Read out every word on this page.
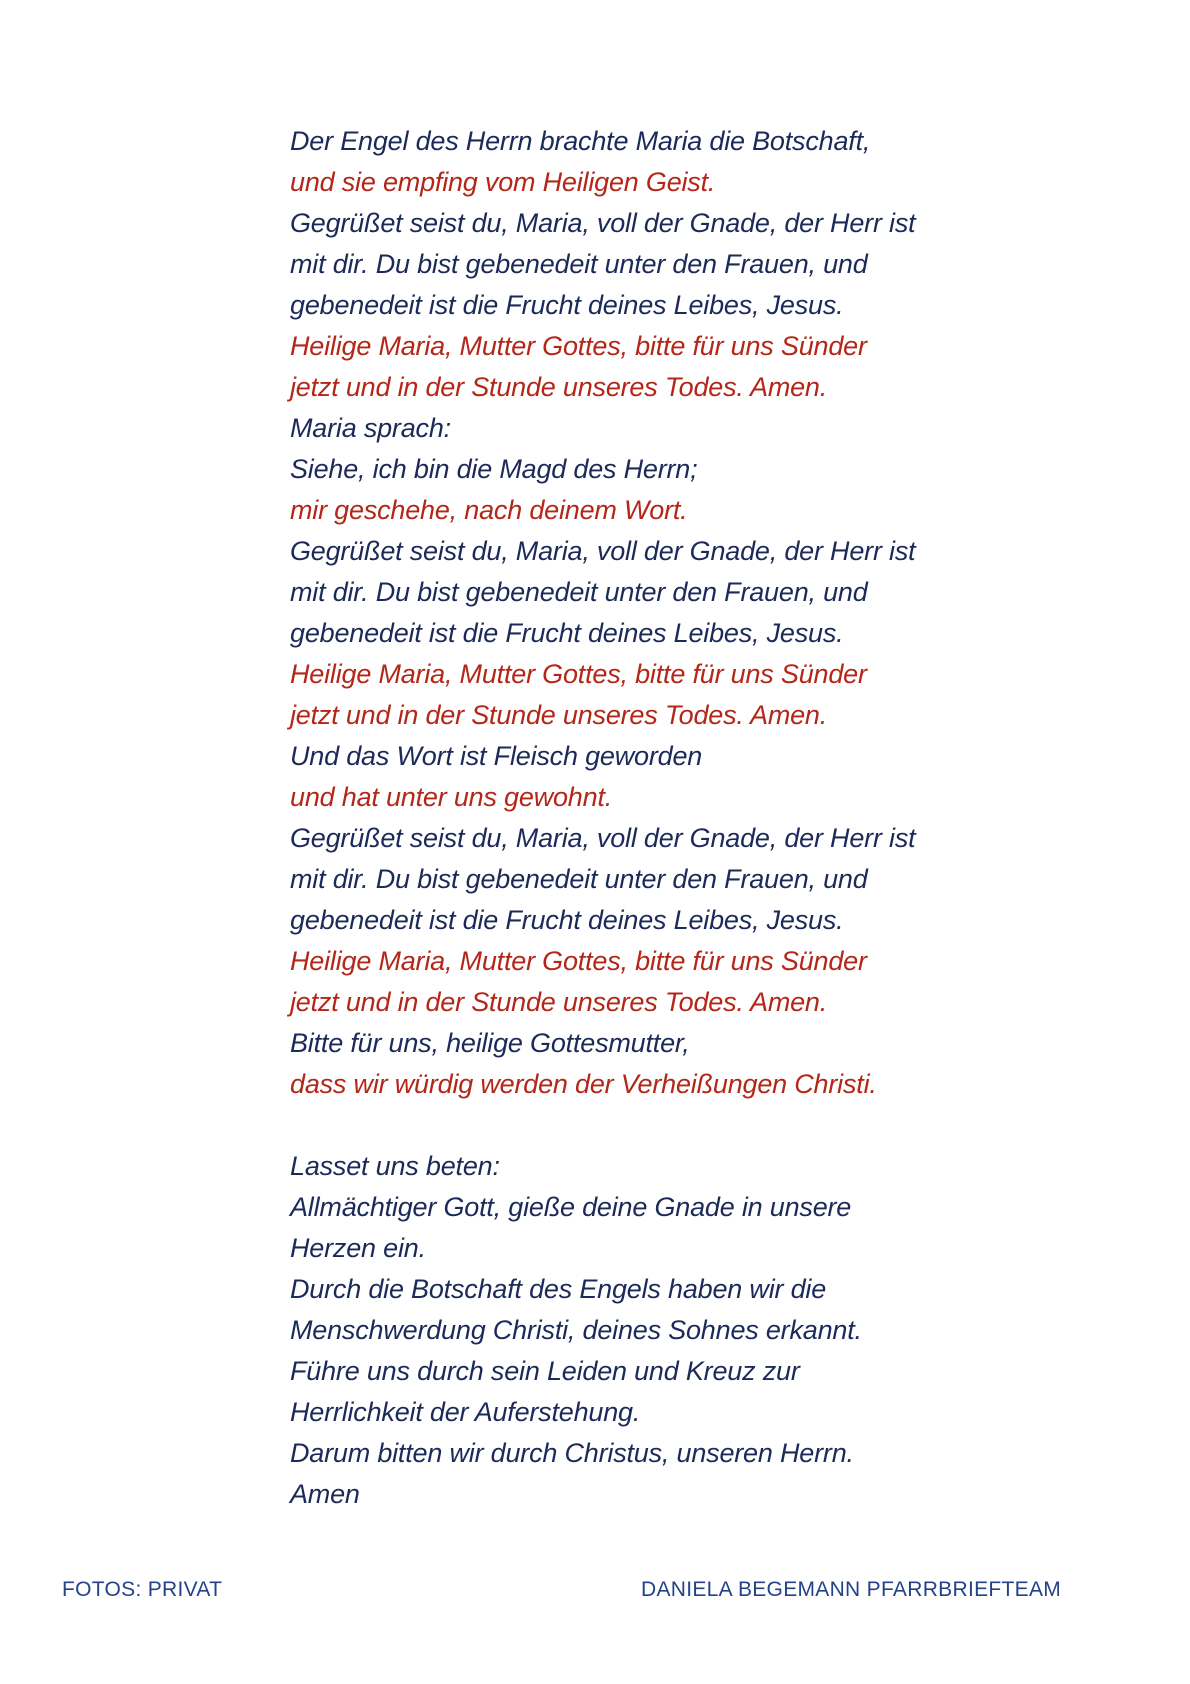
Der Engel des Herrn brachte Maria die Botschaft,
und sie empfing vom Heiligen Geist.
Gegrüßet seist du, Maria, voll der Gnade, der Herr ist
mit dir. Du bist gebenedeit unter den Frauen, und
gebenedeit ist die Frucht deines Leibes, Jesus.
Heilige Maria, Mutter Gottes, bitte für uns Sünder
jetzt und in der Stunde unseres Todes. Amen.
Maria sprach:
Siehe, ich bin die Magd des Herrn;
mir geschehe, nach deinem Wort.
Gegrüßet seist du, Maria, voll der Gnade, der Herr ist
mit dir. Du bist gebenedeit unter den Frauen, und
gebenedeit ist die Frucht deines Leibes, Jesus.
Heilige Maria, Mutter Gottes, bitte für uns Sünder
jetzt und in der Stunde unseres Todes. Amen.
Und das Wort ist Fleisch geworden
und hat unter uns gewohnt.
Gegrüßet seist du, Maria, voll der Gnade, der Herr ist
mit dir. Du bist gebenedeit unter den Frauen, und
gebenedeit ist die Frucht deines Leibes, Jesus.
Heilige Maria, Mutter Gottes, bitte für uns Sünder
jetzt und in der Stunde unseres Todes. Amen.
Bitte für uns, heilige Gottesmutter,
dass wir würdig werden der Verheißungen Christi.
Lasset uns beten:
Allmächtiger Gott, gieße deine Gnade in unsere
Herzen ein.
Durch die Botschaft des Engels haben wir die
Menschwerdung Christi, deines Sohnes erkannt.
Führe uns durch sein Leiden und Kreuz zur
Herrlichkeit der Auferstehung.
Darum bitten wir durch Christus, unseren Herrn.
Amen
FOTOS: PRIVAT	DANIELA BEGEMANN PFARRBRIEFTEAM
